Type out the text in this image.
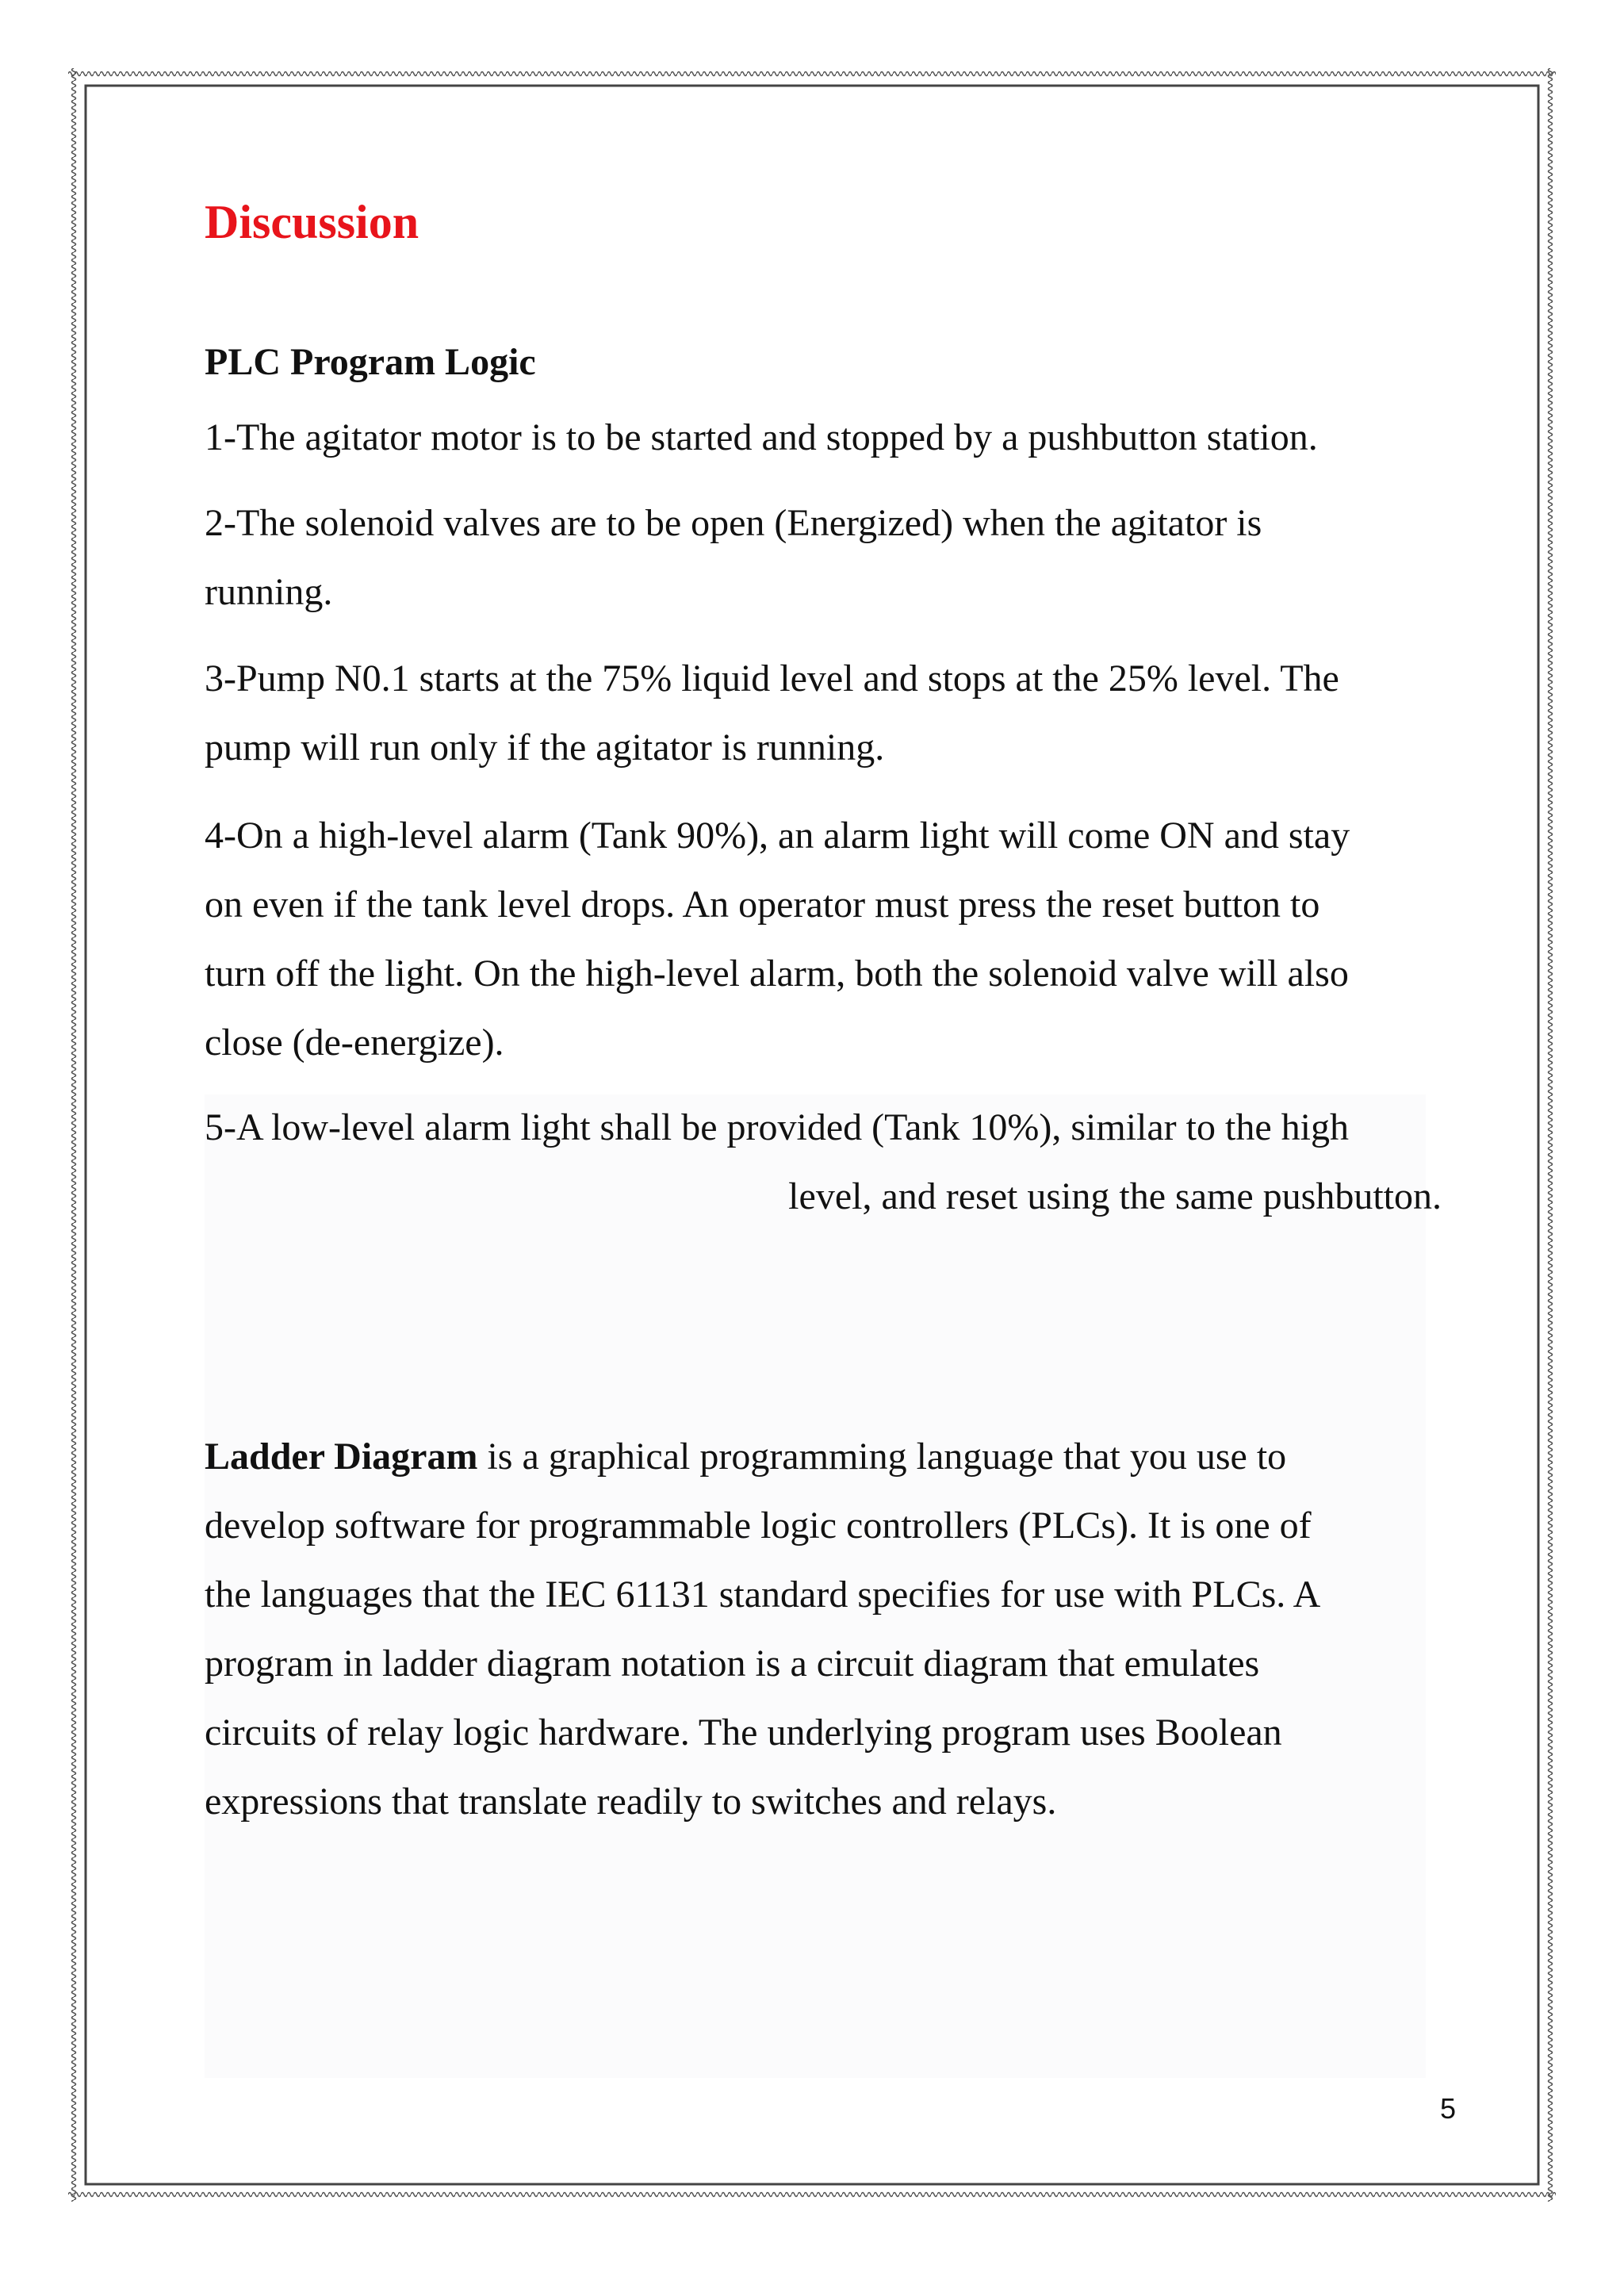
Discussion
PLC Program Logic

1-The agitator motor is to be started and stopped by a pushbutton station.

2-The solenoid valves are to be open (Energized) when the agitator is
running.

3-Pump N0.1 starts at the 75% liquid level and stops at the 25% level. The
pump will run only if the agitator is running.

4-On a high-level alarm (Tank 90%), an alarm light will come ON and stay
on even if the tank level drops. An operator must press the reset button to
turn off the light. On the high-level alarm, both the solenoid valve will also
close (de-energize).

5-A low-level alarm light shall be provided (Tank 10%), similar to the high
level, and reset using the same pushbutton.

Ladder Diagram is a graphical programming language that you use to
develop software for programmable logic controllers (PLCs). It is one of
the languages that the IEC 61131 standard specifies for use with PLCs. A
program in ladder diagram notation is a circuit diagram that emulates
circuits of relay logic hardware. The underlying program uses Boolean
expressions that translate readily to switches and relays.

5
